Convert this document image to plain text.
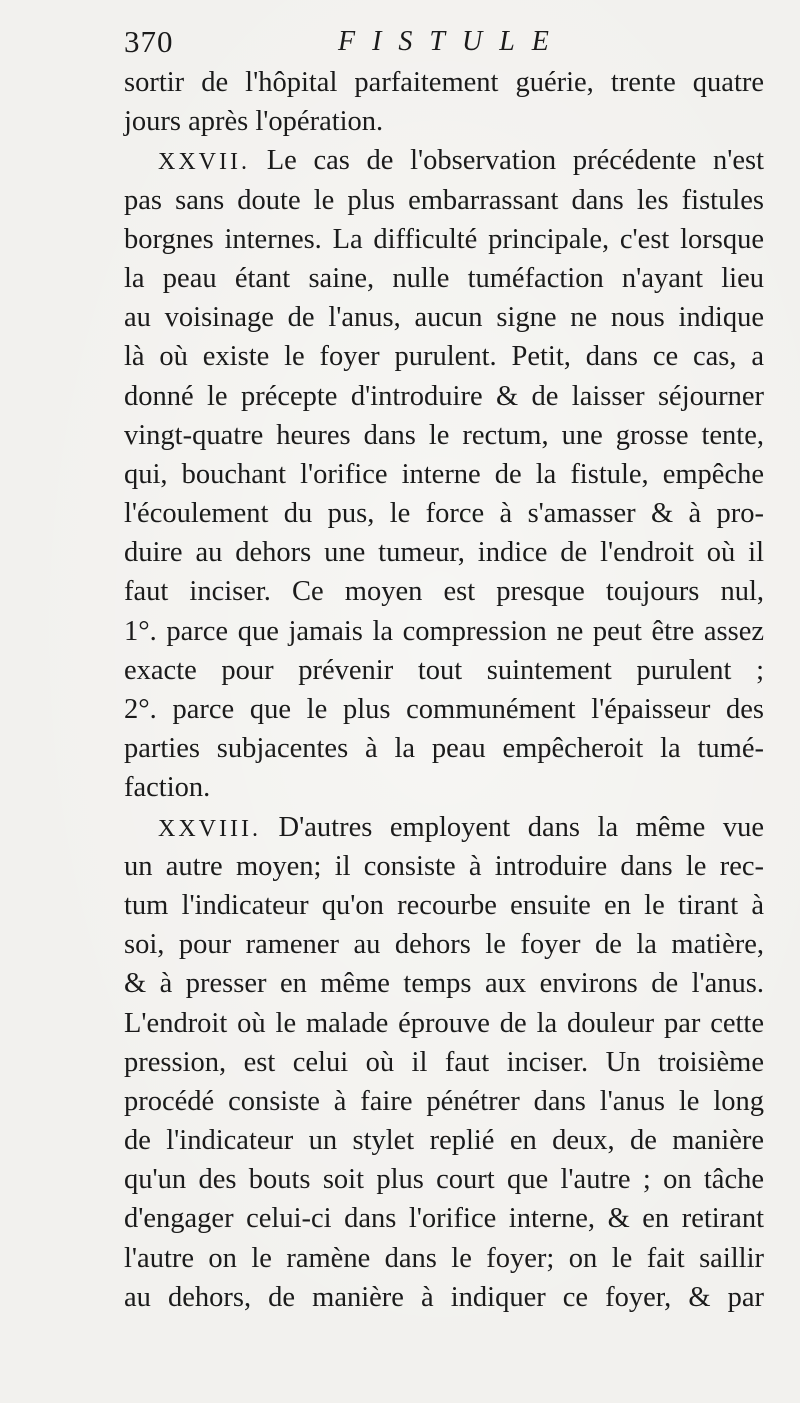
370	FISTULE
sortir de l'hôpital parfaitement guérie, trente quatre
jours après l'opération.
XXVII. Le cas de l'observation précédente n'est
pas sans doute le plus embarrassant dans les fistules
borgnes internes. La difficulté principale, c'est lorsque
la peau étant saine, nulle tuméfaction n'ayant lieu
au voisinage de l'anus, aucun signe ne nous indique
là où existe le foyer purulent. Petit, dans ce cas, a
donné le précepte d'introduire & de laisser séjourner
vingt-quatre heures dans le rectum, une grosse tente,
qui, bouchant l'orifice interne de la fistule, empêche
l'écoulement du pus, le force à s'amasser & à pro-
duire au dehors une tumeur, indice de l'endroit où il
faut inciser. Ce moyen est presque toujours nul,
1°. parce que jamais la compression ne peut être assez
exacte pour prévenir tout suintement purulent ;
2°. parce que le plus communément l'épaisseur des
parties subjacentes à la peau empêcheroit la tumé-
faction.
XXVIII. D'autres employent dans la même vue
un autre moyen; il consiste à introduire dans le rec-
tum l'indicateur qu'on recourbe ensuite en le tirant à
soi, pour ramener au dehors le foyer de la matière,
& à presser en même temps aux environs de l'anus.
L'endroit où le malade éprouve de la douleur par cette
pression, est celui où il faut inciser. Un troisième
procédé consiste à faire pénétrer dans l'anus le long
de l'indicateur un stylet replié en deux, de manière
qu'un des bouts soit plus court que l'autre ; on tâche
d'engager celui-ci dans l'orifice interne, & en retirant
l'autre on le ramène dans le foyer; on le fait saillir
au dehors, de manière à indiquer ce foyer, & par
